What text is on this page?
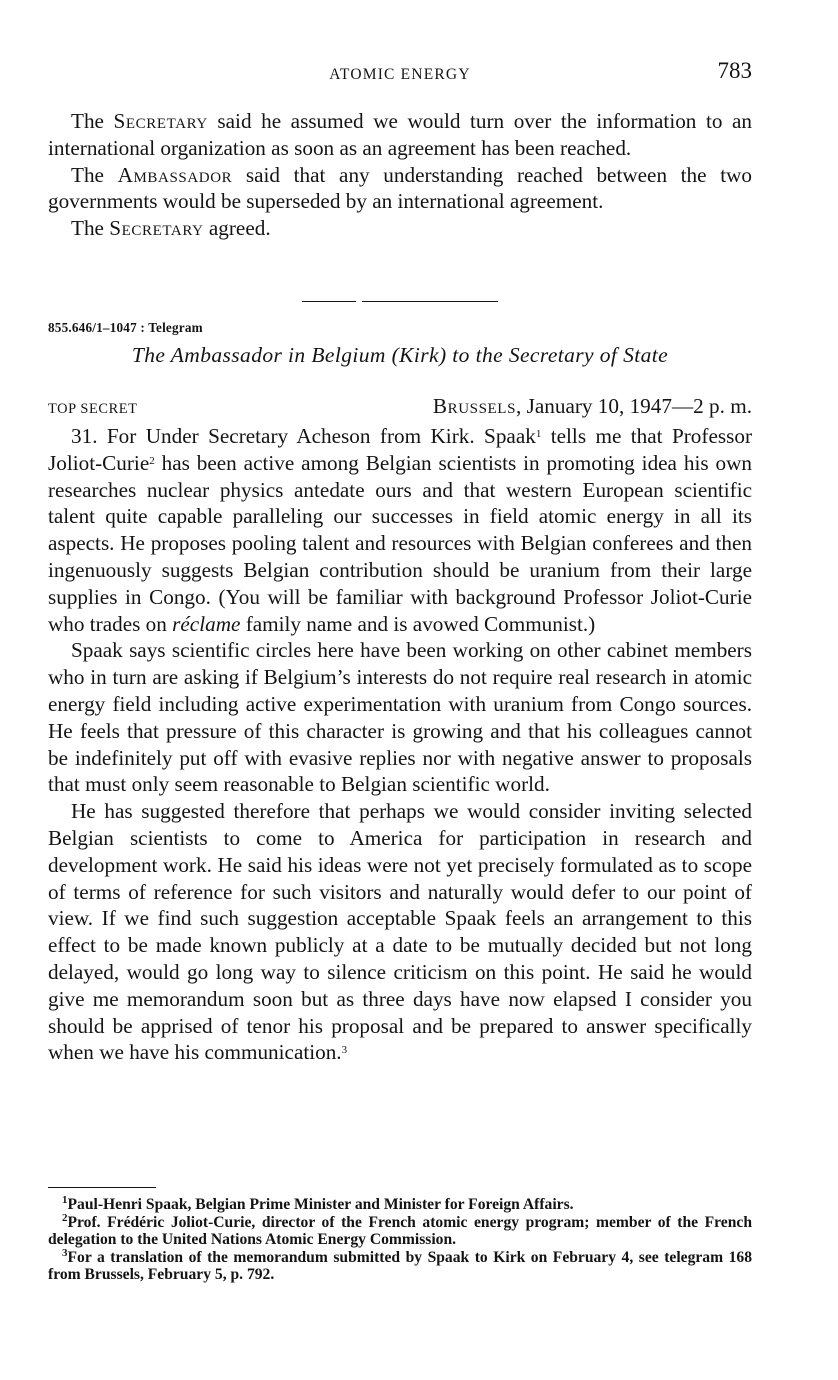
ATOMIC ENERGY	783

The Secretary said he assumed we would turn over the information to an international organization as soon as an agreement has been reached.

The Ambassador said that any understanding reached between the two governments would be superseded by an international agreement.

The Secretary agreed.

855.646/1–1047 : Telegram
The Ambassador in Belgium (Kirk) to the Secretary of State
TOP SECRET	Brussels, January 10, 1947—2 p. m.

31. For Under Secretary Acheson from Kirk. Spaak$^1$ tells me that Professor Joliot-Curie$^2$ has been active among Belgian scientists in promoting idea his own researches nuclear physics antedate ours and that western European scientific talent quite capable paralleling our successes in field atomic energy in all its aspects. He proposes pooling talent and resources with Belgian conferees and then ingenuously suggests Belgian contribution should be uranium from their large supplies in Congo. (You will be familiar with background Professor Joliot-Curie who trades on réclame family name and is avowed Communist.)

Spaak says scientific circles here have been working on other cabinet members who in turn are asking if Belgium’s interests do not require real research in atomic energy field including active experimentation with uranium from Congo sources. He feels that pressure of this character is growing and that his colleagues cannot be indefinitely put off with evasive replies nor with negative answer to proposals that must only seem reasonable to Belgian scientific world.

He has suggested therefore that perhaps we would consider inviting selected Belgian scientists to come to America for participation in research and development work. He said his ideas were not yet precisely formulated as to scope of terms of reference for such visitors and naturally would defer to our point of view. If we find such suggestion acceptable Spaak feels an arrangement to this effect to be made known publicly at a date to be mutually decided but not long delayed, would go long way to silence criticism on this point. He said he would give me memorandum soon but as three days have now elapsed I consider you should be apprised of tenor his proposal and be prepared to answer specifically when we have his communication.$^3$

$^1$Paul-Henri Spaak, Belgian Prime Minister and Minister for Foreign Affairs.

$^2$Prof. Frédéric Joliot-Curie, director of the French atomic energy program; member of the French delegation to the United Nations Atomic Energy Commission.

$^3$For a translation of the memorandum submitted by Spaak to Kirk on February 4, see telegram 168 from Brussels, February 5, p. 792.
